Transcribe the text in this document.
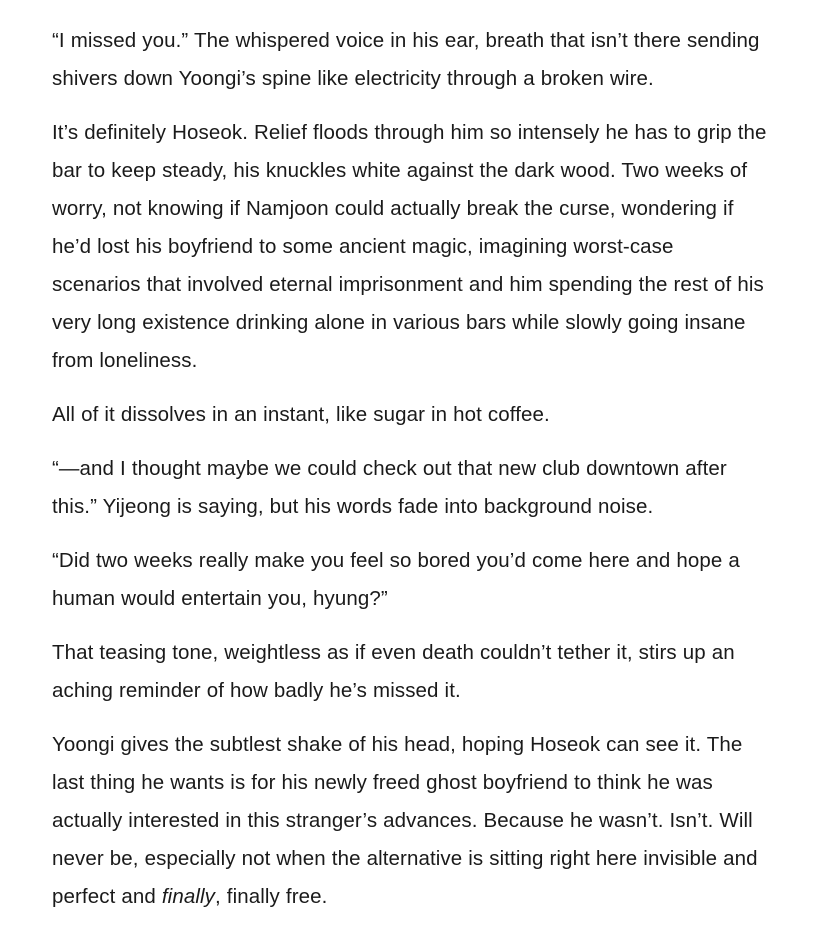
“I missed you.” The whispered voice in his ear, breath that isn’t there sending shivers down Yoongi’s spine like electricity through a broken wire.

It’s definitely Hoseok. Relief floods through him so intensely he has to grip the bar to keep steady, his knuckles white against the dark wood. Two weeks of worry, not knowing if Namjoon could actually break the curse, wondering if he’d lost his boyfriend to some ancient magic, imagining worst-case scenarios that involved eternal imprisonment and him spending the rest of his very long existence drinking alone in various bars while slowly going insane from loneliness.

All of it dissolves in an instant, like sugar in hot coffee.

“—and I thought maybe we could check out that new club downtown after this.” Yijeong is saying, but his words fade into background noise.

“Did two weeks really make you feel so bored you’d come here and hope a human would entertain you, hyung?”

That teasing tone, weightless as if even death couldn’t tether it, stirs up an aching reminder of how badly he’s missed it.

Yoongi gives the subtlest shake of his head, hoping Hoseok can see it. The last thing he wants is for his newly freed ghost boyfriend to think he was actually interested in this stranger’s advances. Because he wasn’t. Isn’t. Will never be, especially not when the alternative is sitting right here invisible and perfect and finally, finally free.
